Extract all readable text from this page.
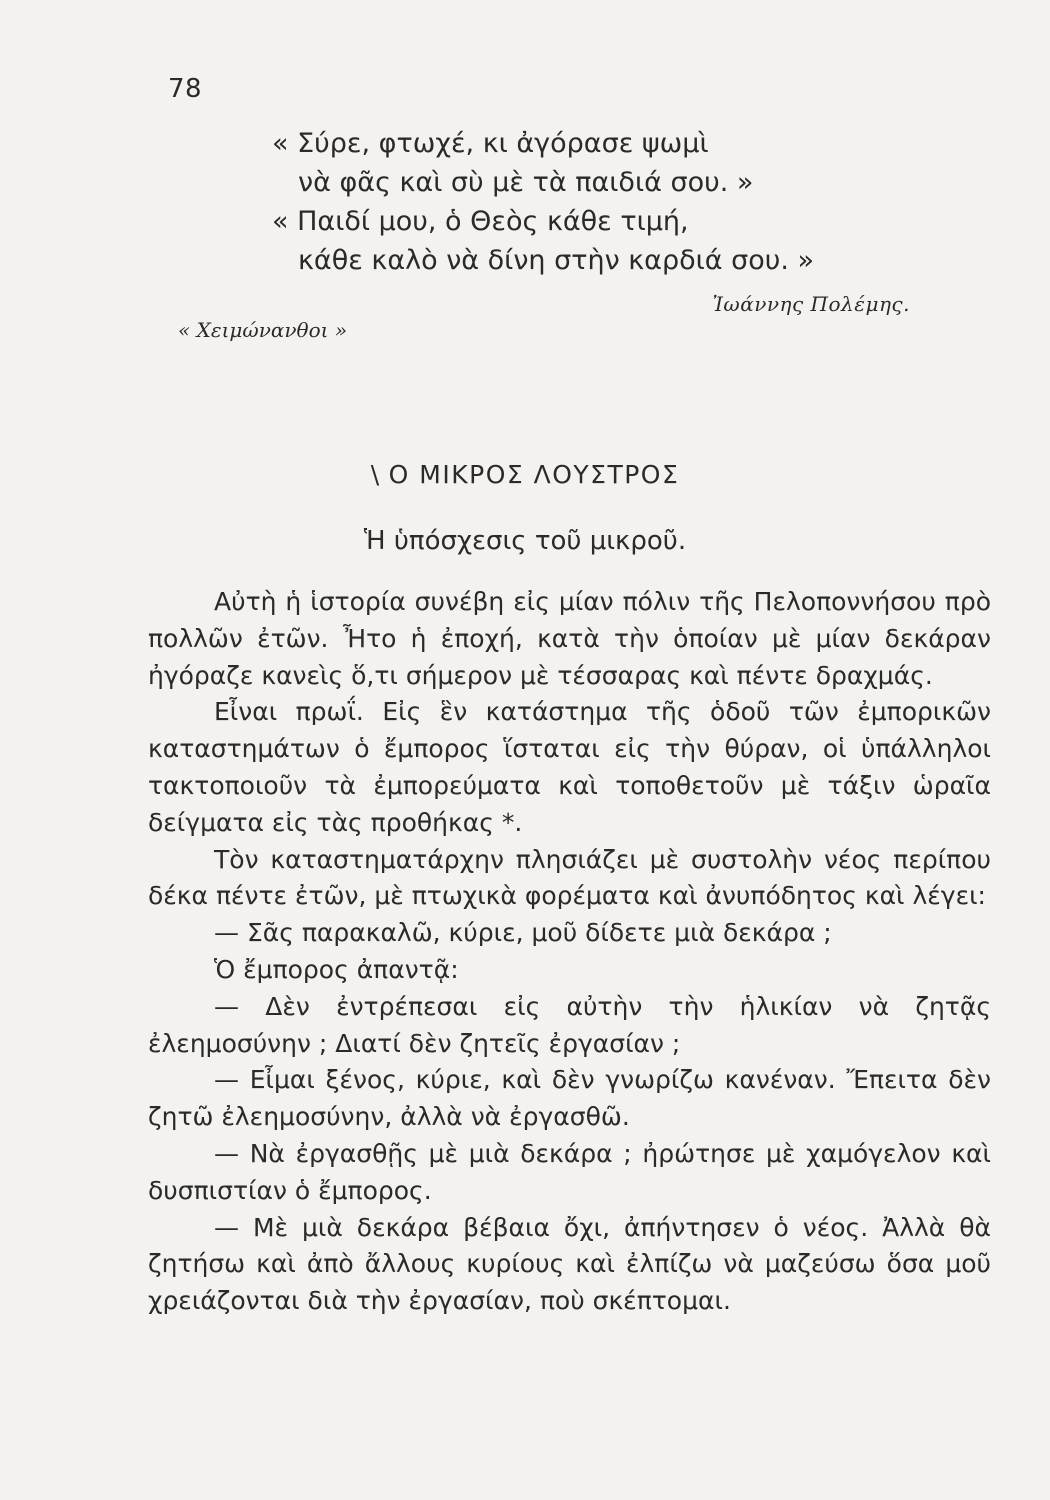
78
« Σύρε, φτωχέ, κι ἀγόρασε ψωμὶ
νὰ φᾶς καὶ σὺ μὲ τὰ παιδιά σου. »
« Παιδί μου, ὁ Θεὸς κάθε τιμή,
κάθε καλὸ νὰ δίνη στὴν καρδιά σου. »
Ἰωάννης Πολέμης.
« Χειμώνανθοι »
\ Ο ΜΙΚΡΟΣ ΛΟΥΣΤΡΟΣ
Ἡ ὑπόσχεσις τοῦ μικροῦ.

Αὐτὴ ἡ ἱστορία συνέβη εἰς μίαν πόλιν τῆς Πελοποννήσου πρὸ πολλῶν ἐτῶν. Ἦτο ἡ ἐποχή, κατὰ τὴν ὁποίαν μὲ μίαν δεκάραν ἠγόραζε κανεὶς ὅ,τι σήμερον μὲ τέσσαρας καὶ πέντε δραχμάς.

Εἶναι πρωΐ. Εἰς ἓν κατάστημα τῆς ὁδοῦ τῶν ἐμπορικῶν καταστημάτων ὁ ἔμπορος ἵσταται εἰς τὴν θύραν, οἱ ὑπάλληλοι τακτοποιοῦν τὰ ἐμπορεύματα καὶ τοποθετοῦν μὲ τάξιν ὡραῖα δείγματα εἰς τὰς προθήκας *.

Τὸν καταστηματάρχην πλησιάζει μὲ συστολὴν νέος περίπου δέκα πέντε ἐτῶν, μὲ πτωχικὰ φορέματα καὶ ἀνυπόδητος καὶ λέγει:

— Σᾶς παρακαλῶ, κύριε, μοῦ δίδετε μιὰ δεκάρα ;

Ὁ ἔμπορος ἀπαντᾷ:

— Δὲν ἐντρέπεσαι εἰς αὐτὴν τὴν ἡλικίαν νὰ ζητᾷς ἐλεημοσύνην ; Διατί δὲν ζητεῖς ἐργασίαν ;

— Εἶμαι ξένος, κύριε, καὶ δὲν γνωρίζω κανέναν. Ἔπειτα δὲν ζητῶ ἐλεημοσύνην, ἀλλὰ νὰ ἐργασθῶ.

— Νὰ ἐργασθῇς μὲ μιὰ δεκάρα ; ἠρώτησε μὲ χαμόγελον καὶ δυσπιστίαν ὁ ἔμπορος.

— Μὲ μιὰ δεκάρα βέβαια ὄχι, ἀπήντησεν ὁ νέος. Ἀλλὰ θὰ ζητήσω καὶ ἀπὸ ἄλλους κυρίους καὶ ἐλπίζω νὰ μαζεύσω ὅσα μοῦ χρειάζονται διὰ τὴν ἐργασίαν, ποὺ σκέπτομαι.
